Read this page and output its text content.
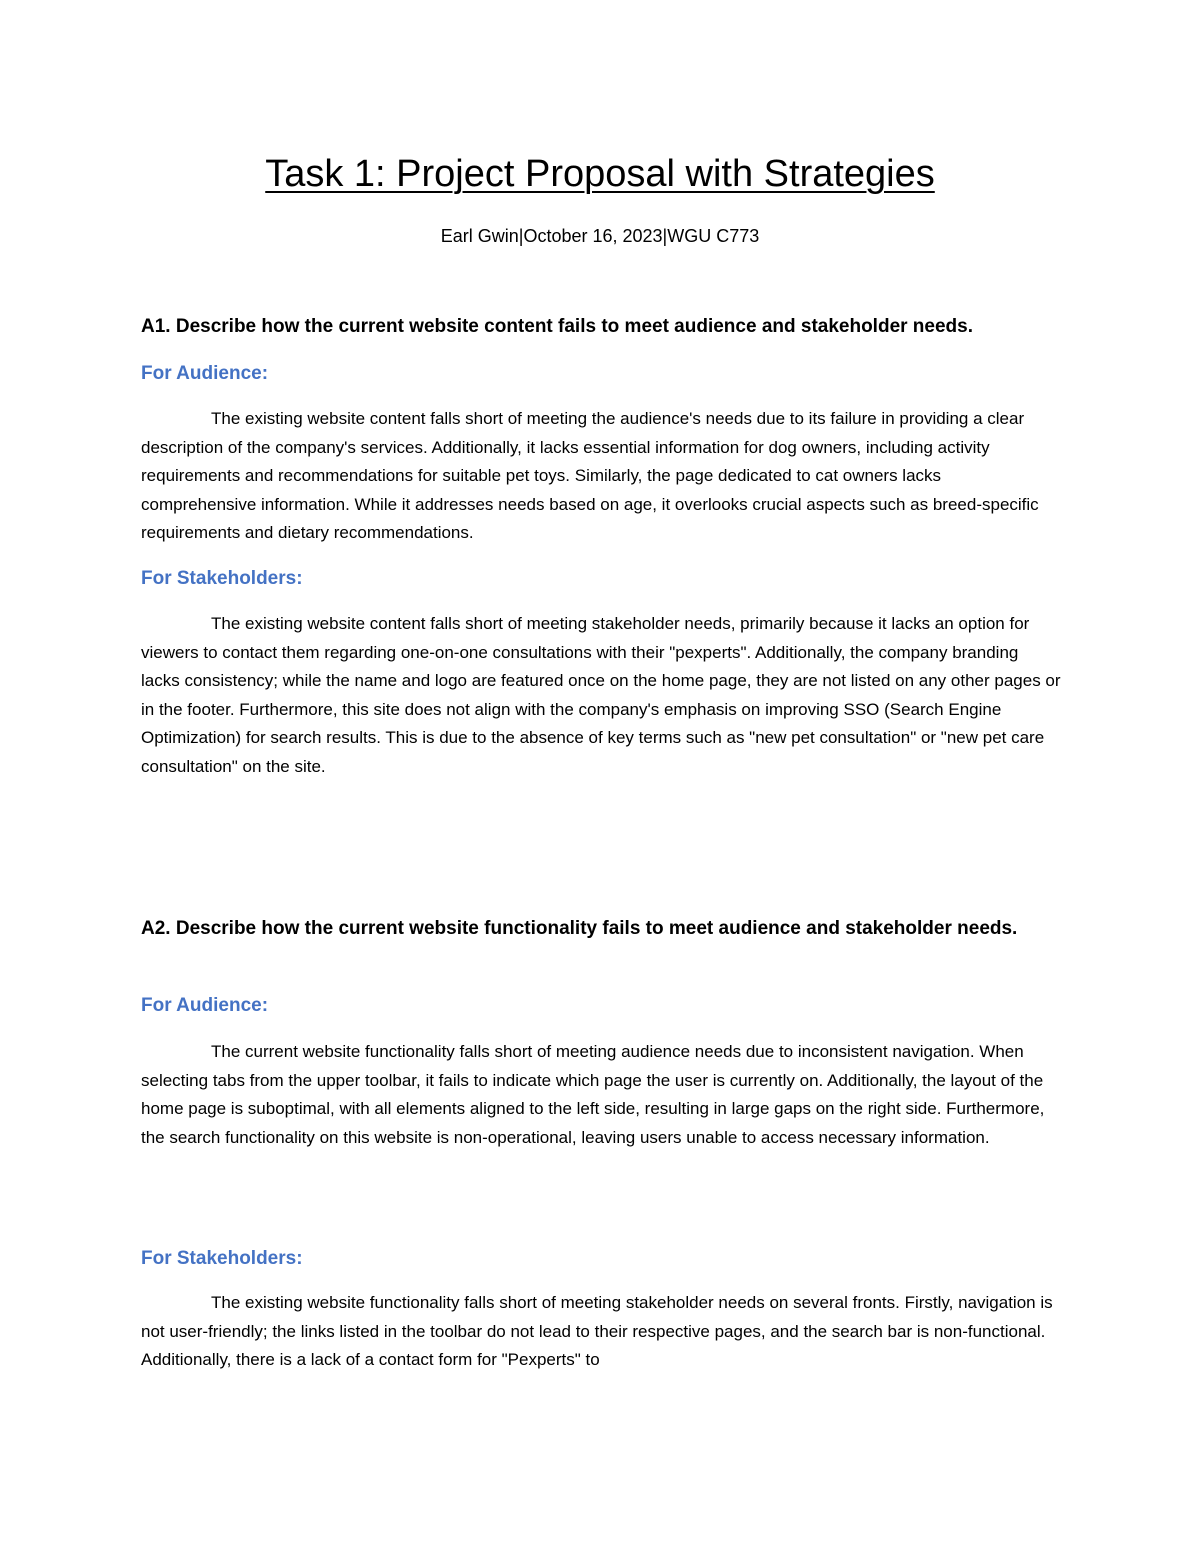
Task 1: Project Proposal with Strategies
Earl Gwin|October 16, 2023|WGU C773
A1. Describe how the current website content fails to meet audience and stakeholder needs.
For Audience:

The existing website content falls short of meeting the audience's needs due to its failure in providing a clear description of the company's services. Additionally, it lacks essential information for dog owners, including activity requirements and recommendations for suitable pet toys. Similarly, the page dedicated to cat owners lacks comprehensive information. While it addresses needs based on age, it overlooks crucial aspects such as breed-specific requirements and dietary recommendations.

For Stakeholders:

The existing website content falls short of meeting stakeholder needs, primarily because it lacks an option for viewers to contact them regarding one-on-one consultations with their "pexperts". Additionally, the company branding lacks consistency; while the name and logo are featured once on the home page, they are not listed on any other pages or in the footer. Furthermore, this site does not align with the company's emphasis on improving SSO (Search Engine Optimization) for search results. This is due to the absence of key terms such as "new pet consultation" or "new pet care consultation" on the site.

A2. Describe how the current website functionality fails to meet audience and stakeholder needs.
For Audience:

The current website functionality falls short of meeting audience needs due to inconsistent navigation. When selecting tabs from the upper toolbar, it fails to indicate which page the user is currently on. Additionally, the layout of the home page is suboptimal, with all elements aligned to the left side, resulting in large gaps on the right side. Furthermore, the search functionality on this website is non-operational, leaving users unable to access necessary information.

For Stakeholders:

The existing website functionality falls short of meeting stakeholder needs on several fronts. Firstly, navigation is not user-friendly; the links listed in the toolbar do not lead to their respective pages, and the search bar is non-functional. Additionally, there is a lack of a contact form for "Pexperts" to
